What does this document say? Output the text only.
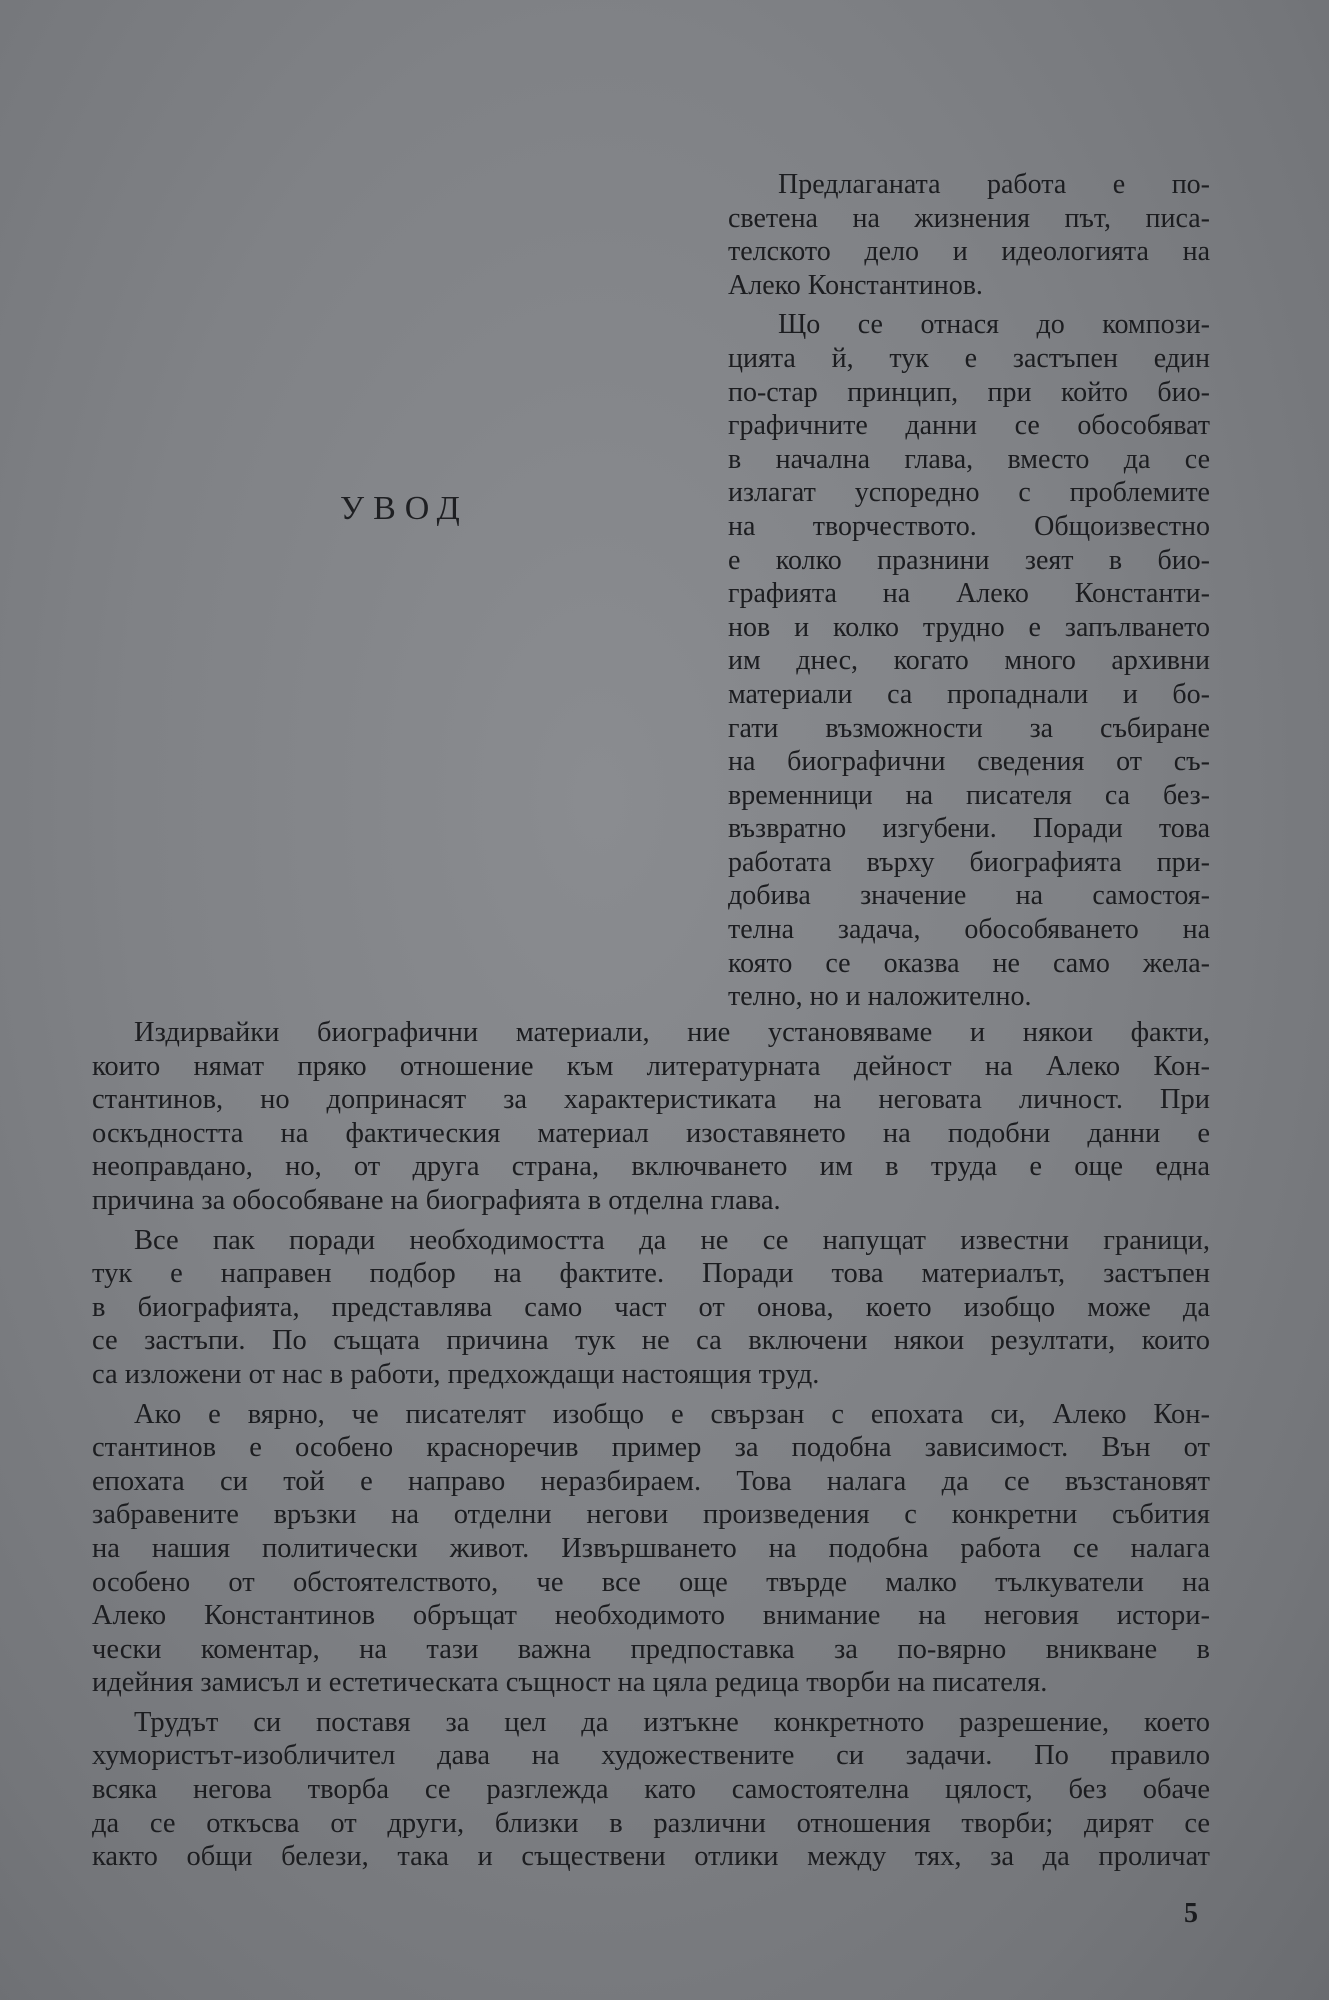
УВОД
Предлаганата работа е по-
светена на жизнения път, писа-
телското дело и идеологията на
Алеко Константинов.
Що се отнася до компози-
цията й, тук е застъпен един
по-стар принцип, при който био-
графичните данни се обособяват
в начална глава, вместо да се
излагат успоредно с проблемите
на творчеството. Общоизвестно
е колко празнини зеят в био-
графията на Алеко Константи-
нов и колко трудно е запълването
им днес, когато много архивни
материали са пропаднали и бо-
гати възможности за събиране
на биографични сведения от съ-
временници на писателя са без-
възвратно изгубени. Поради това
работата върху биографията при-
добива значение на самостоя-
телна задача, обособяването на
която се оказва не само жела-
телно, но и наложително.
Издирвайки биографични материали, ние установяваме и някои факти,
които нямат пряко отношение към литературната дейност на Алеко Кон-
стантинов, но допринасят за характеристиката на неговата личност. При
оскъдността на фактическия материал изоставянето на подобни данни е
неоправдано, но, от друга страна, включването им в труда е още една
причина за обособяване на биографията в отделна глава.
Все пак поради необходимостта да не се напущат известни граници,
тук е направен подбор на фактите. Поради това материалът, застъпен
в биографията, представлява само част от онова, което изобщо може да
се застъпи. По същата причина тук не са включени някои резултати, които
са изложени от нас в работи, предхождащи настоящия труд.
Ако е вярно, че писателят изобщо е свързан с епохата си, Алеко Кон-
стантинов е особено красноречив пример за подобна зависимост. Вън от
епохата си той е направо неразбираем. Това налага да се възстановят
забравените връзки на отделни негови произведения с конкретни събития
на нашия политически живот. Извършването на подобна работа се налага
особено от обстоятелството, че все още твърде малко тълкуватели на
Алеко Константинов обръщат необходимото внимание на неговия истори-
чески коментар, на тази важна предпоставка за по-вярно вникване в
идейния замисъл и естетическата същност на цяла редица творби на писателя.
Трудът си поставя за цел да изтъкне конкретното разрешение, което
хумористът-изобличител дава на художествените си задачи. По правило
всяка негова творба се разглежда като самостоятелна цялост, без обаче
да се откъсва от други, близки в различни отношения творби; дирят се
както общи белези, така и съществени отлики между тях, за да проличат
5
